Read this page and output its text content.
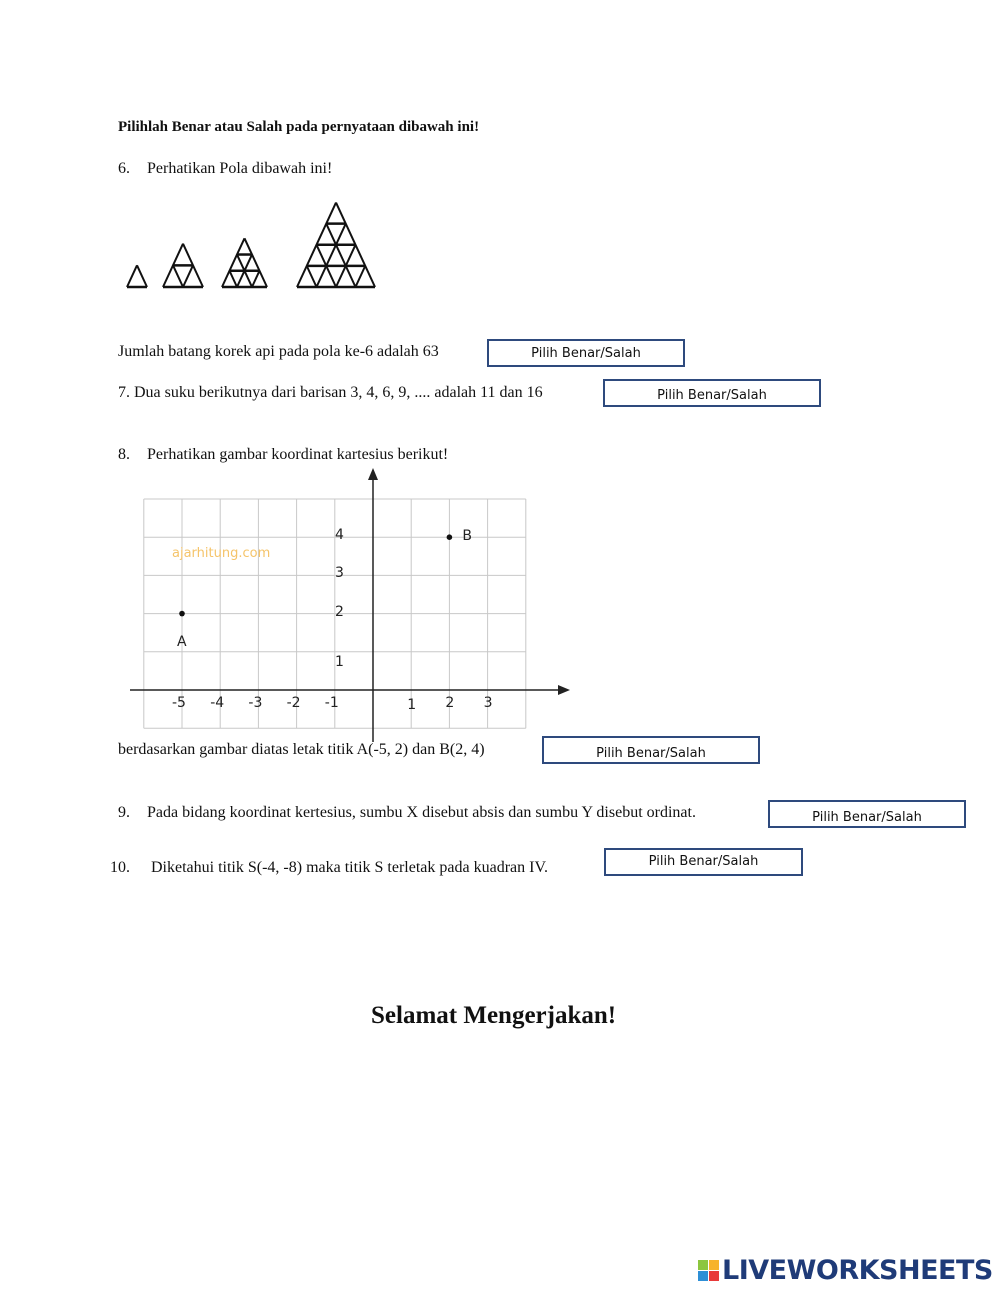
Pilihlah Benar atau Salah pada pernyataan dibawah ini!
6. Perhatikan Pola dibawah ini!
Jumlah batang korek api pada pola ke-6 adalah 63	Pilih Benar/Salah
7. Dua suku berikutnya dari barisan 3, 4, 6, 9, .... adalah 11 dan 16	Pilih Benar/Salah
8. Perhatikan gambar koordinat kartesius berikut!
ajarhitung.com
-5 -4 -3 -2 -1	1 2 3
4
3
2
1
A
B
berdasarkan gambar diatas letak titik A(-5, 2) dan B(2, 4)	Pilih Benar/Salah
9. Pada bidang koordinat kertesius, sumbu X disebut absis dan sumbu Y disebut ordinat.	Pilih Benar/Salah
10. Diketahui titik S(-4, -8) maka titik S terletak pada kuadran IV.	Pilih Benar/Salah
Selamat Mengerjakan!
LIVEWORKSHEETS
